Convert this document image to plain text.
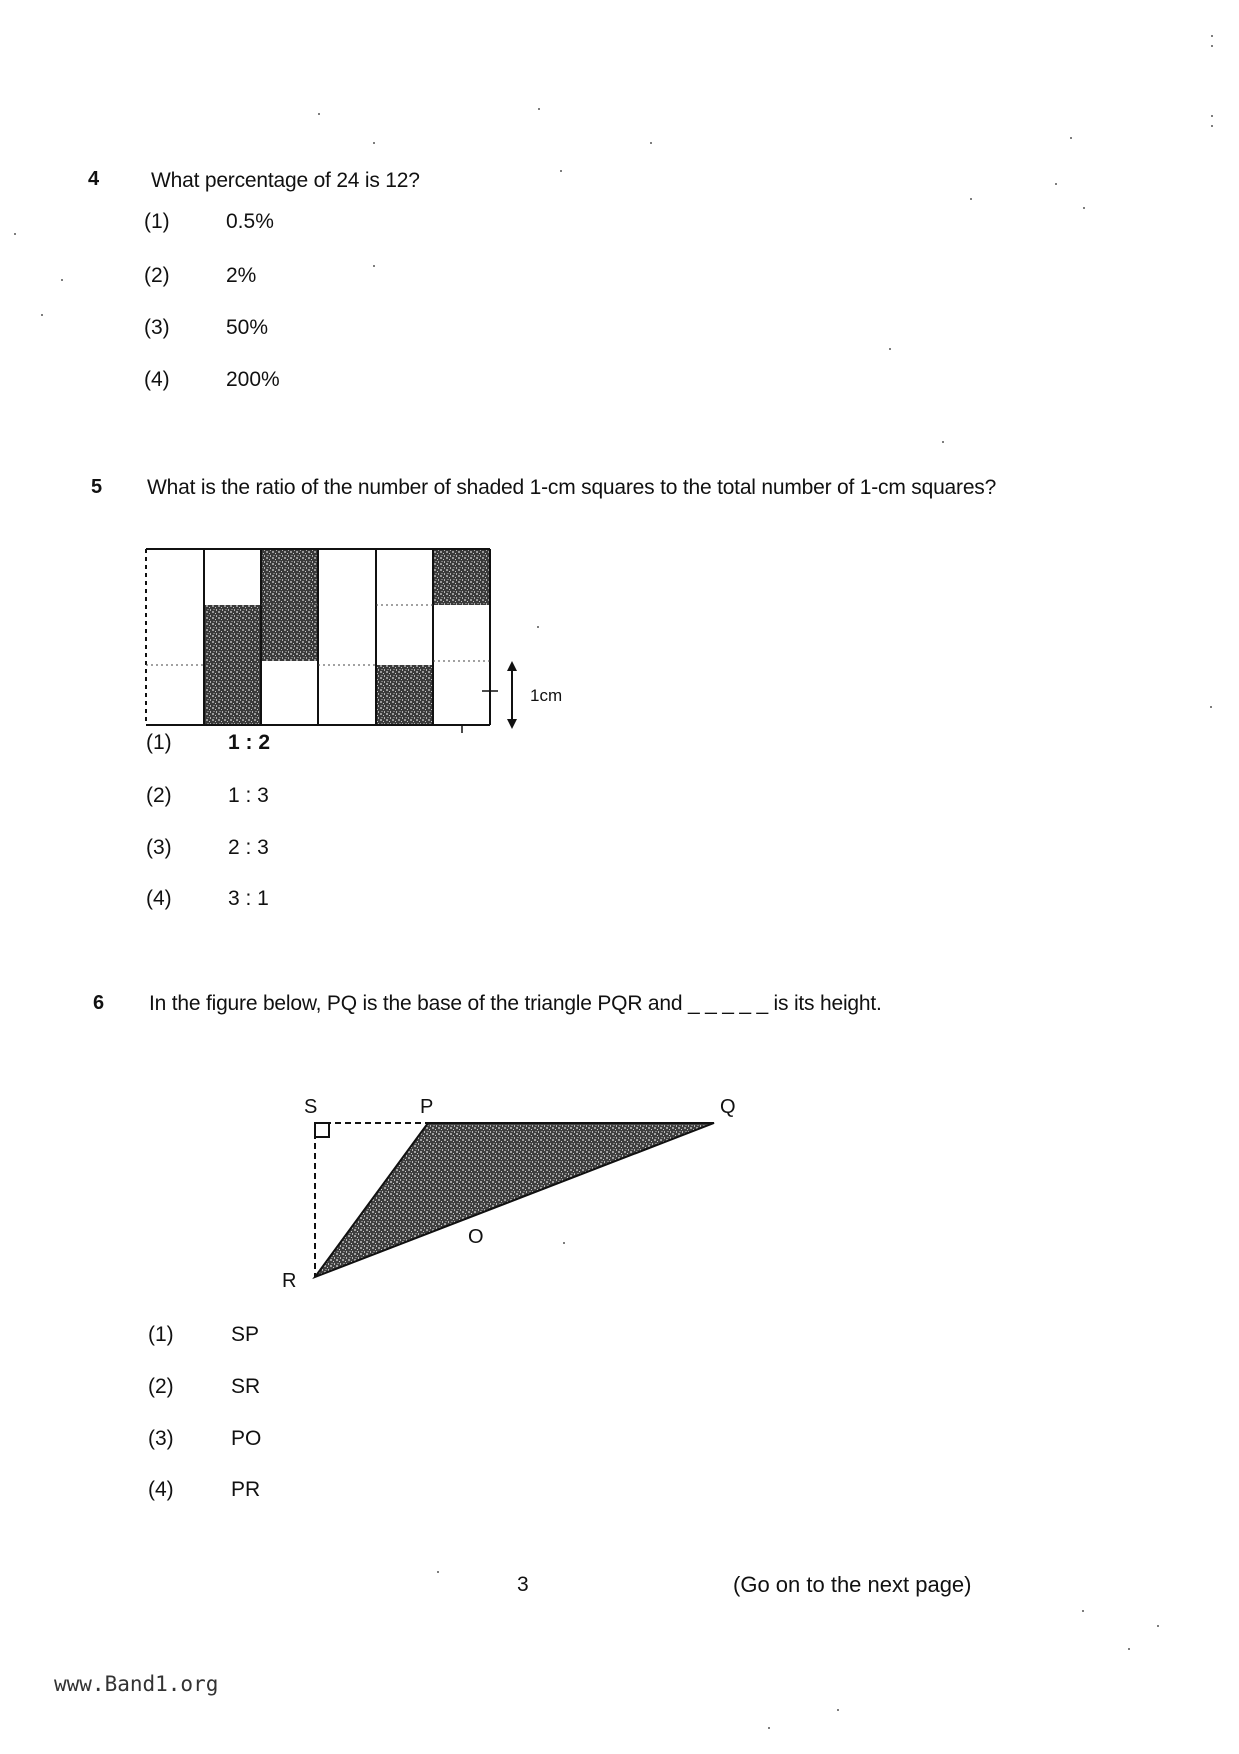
4 What percentage of 24 is 12?
(1)	0.5%
(2)	2%
(3)	50%
(4)	200%
5 What is the ratio of the number of shaded 1-cm squares to the total number of 1-cm squares?
1cm
(1)	1 : 2
(2)	1 : 3
(3)	2 : 3
(4)	3 : 1
6 In the figure below, PQ is the base of the triangle PQR and _ _ _ _ _ is its height.
S	P	Q
O
R
(1)	SP
(2)	SR
(3)	PO
(4)	PR
3	(Go on to the next page)
www.Band1.org
